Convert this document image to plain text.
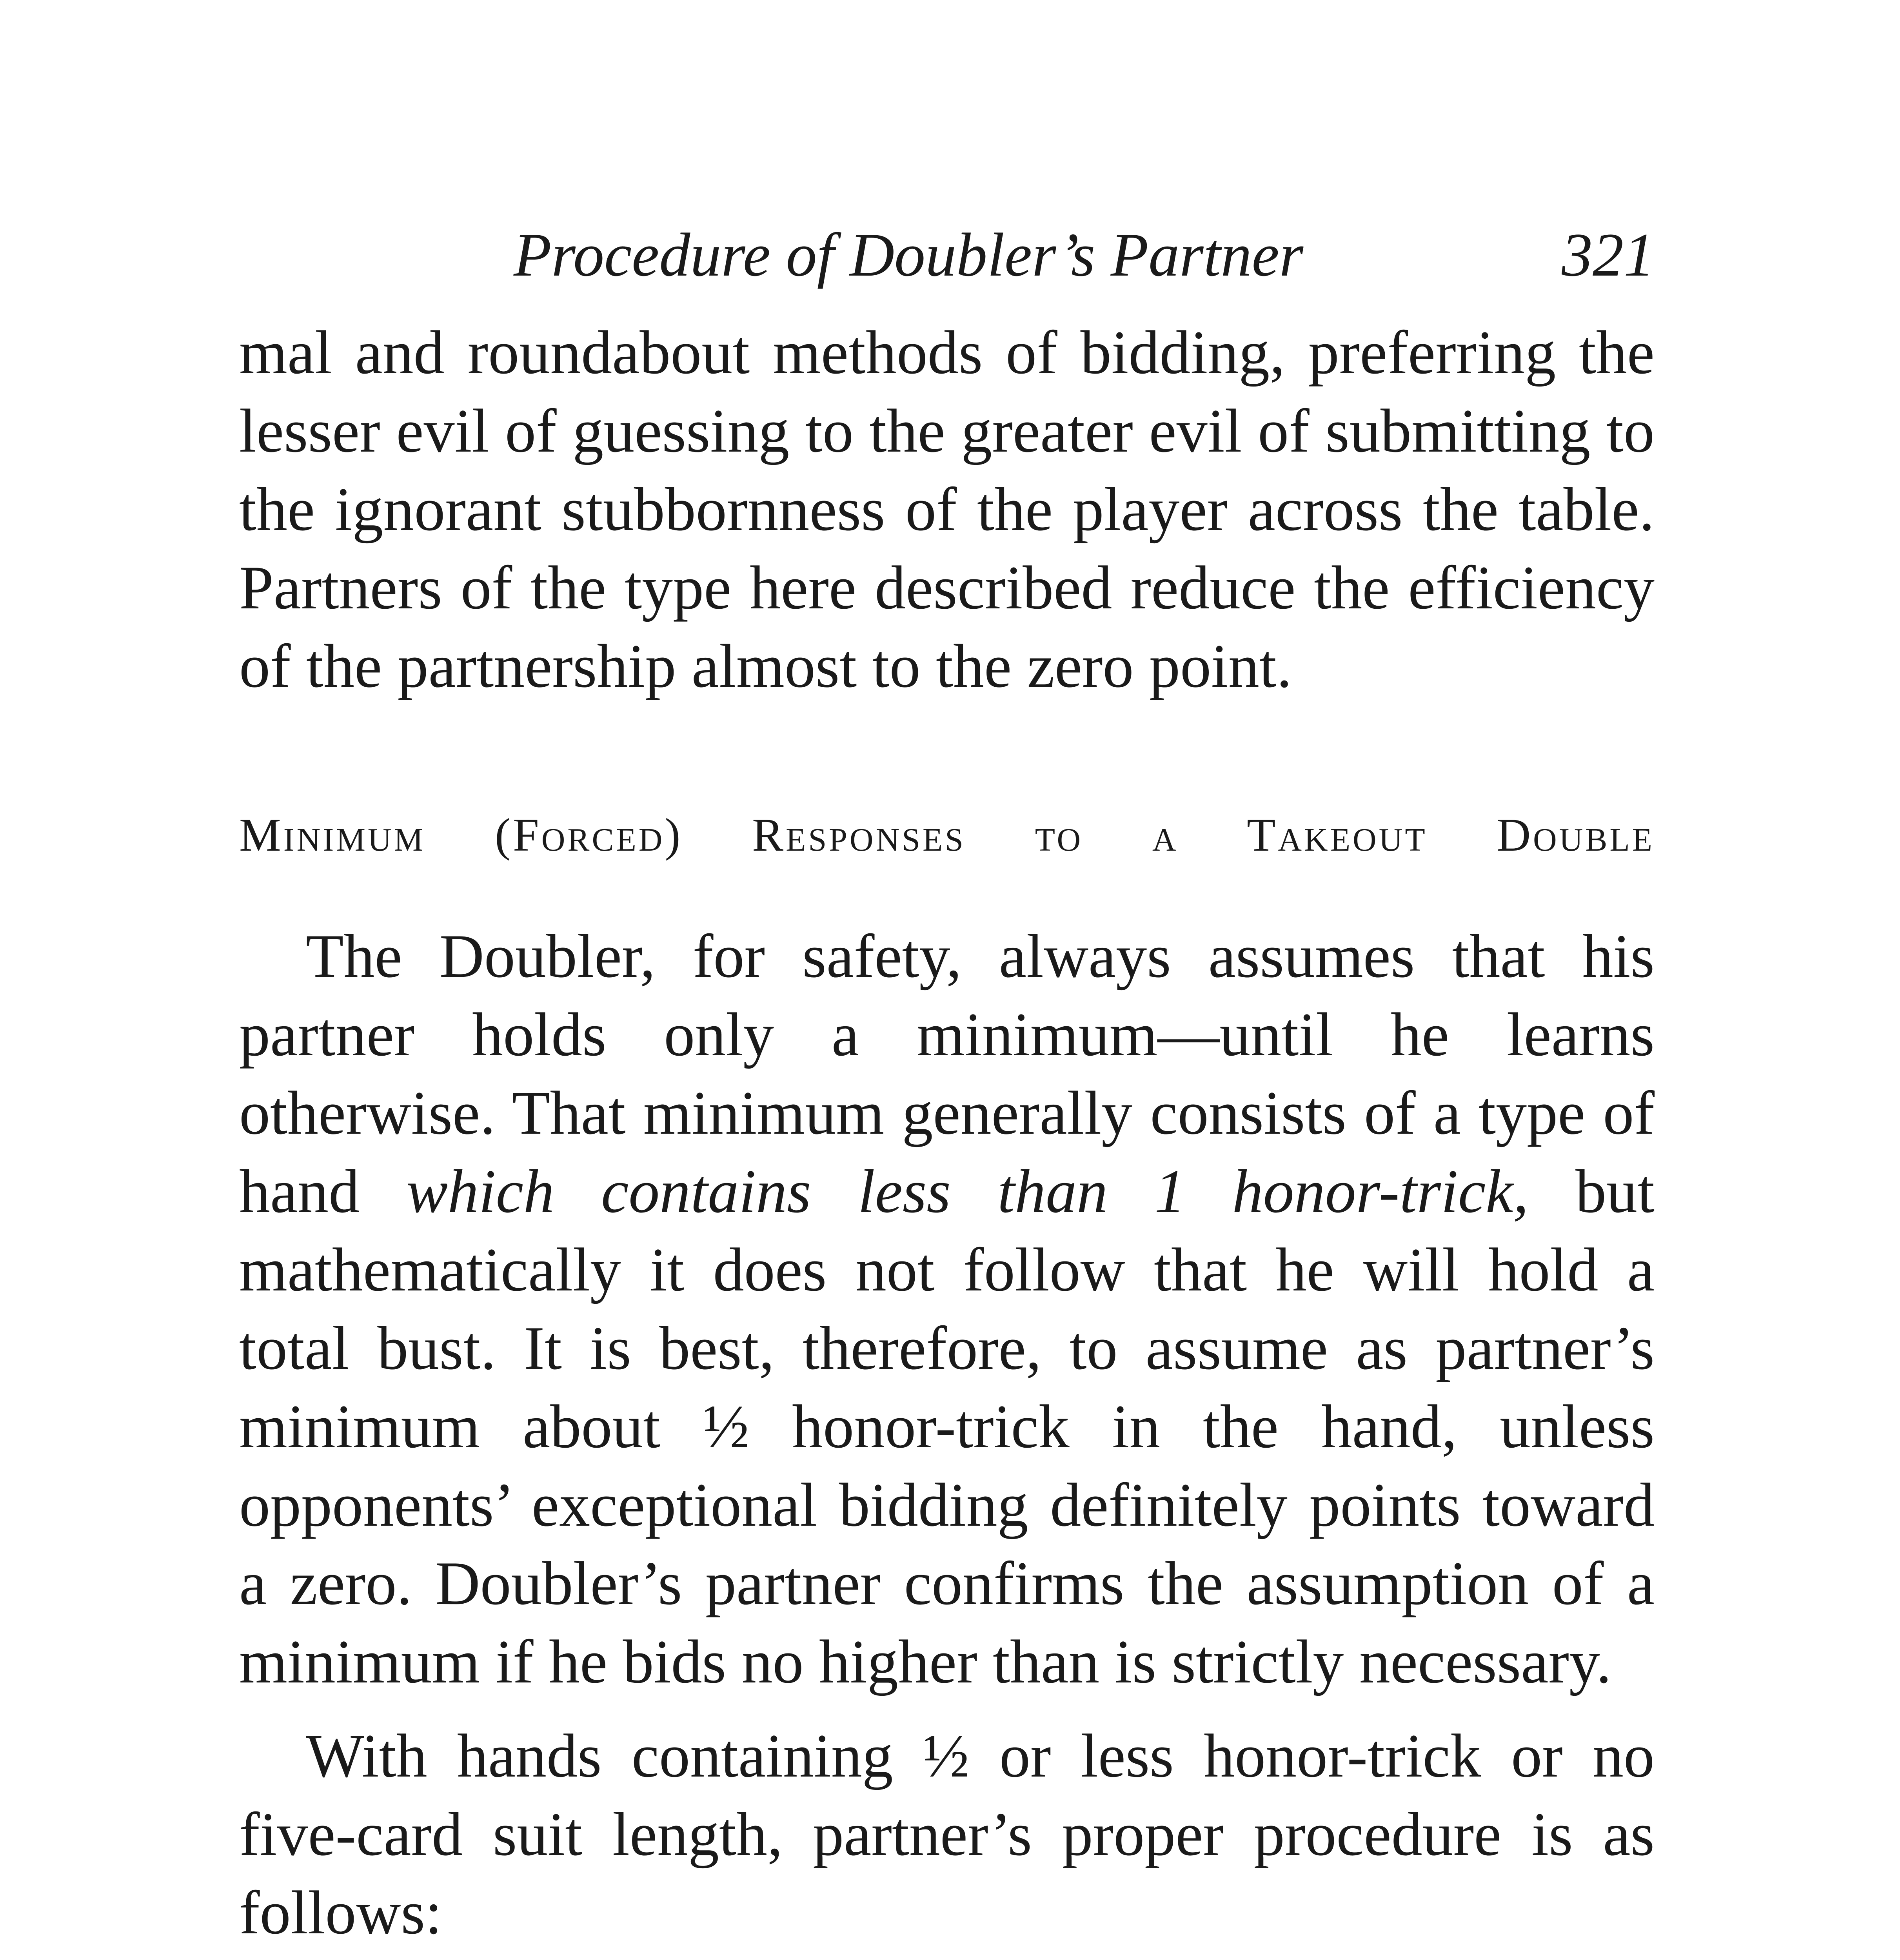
Procedure of Doubler’s Partner	321

mal and roundabout methods of bidding, preferring the lesser evil of guessing to the greater evil of submitting to the ignorant stubbornness of the player across the table. Partners of the type here described reduce the efficiency of the partnership almost to the zero point.

Minimum (Forced) Responses to a Takeout Double

The Doubler, for safety, always assumes that his partner holds only a minimum—until he learns otherwise. That minimum generally consists of a type of hand which contains less than 1 honor-trick, but mathematically it does not follow that he will hold a total bust. It is best, therefore, to assume as partner’s minimum about ½ honor-trick in the hand, unless opponents’ exceptional bidding definitely points toward a zero. Doubler’s partner confirms the assumption of a minimum if he bids no higher than is strictly necessary.

With hands containing ½ or less honor-trick or no five-card suit length, partner’s proper procedure is as follows:
